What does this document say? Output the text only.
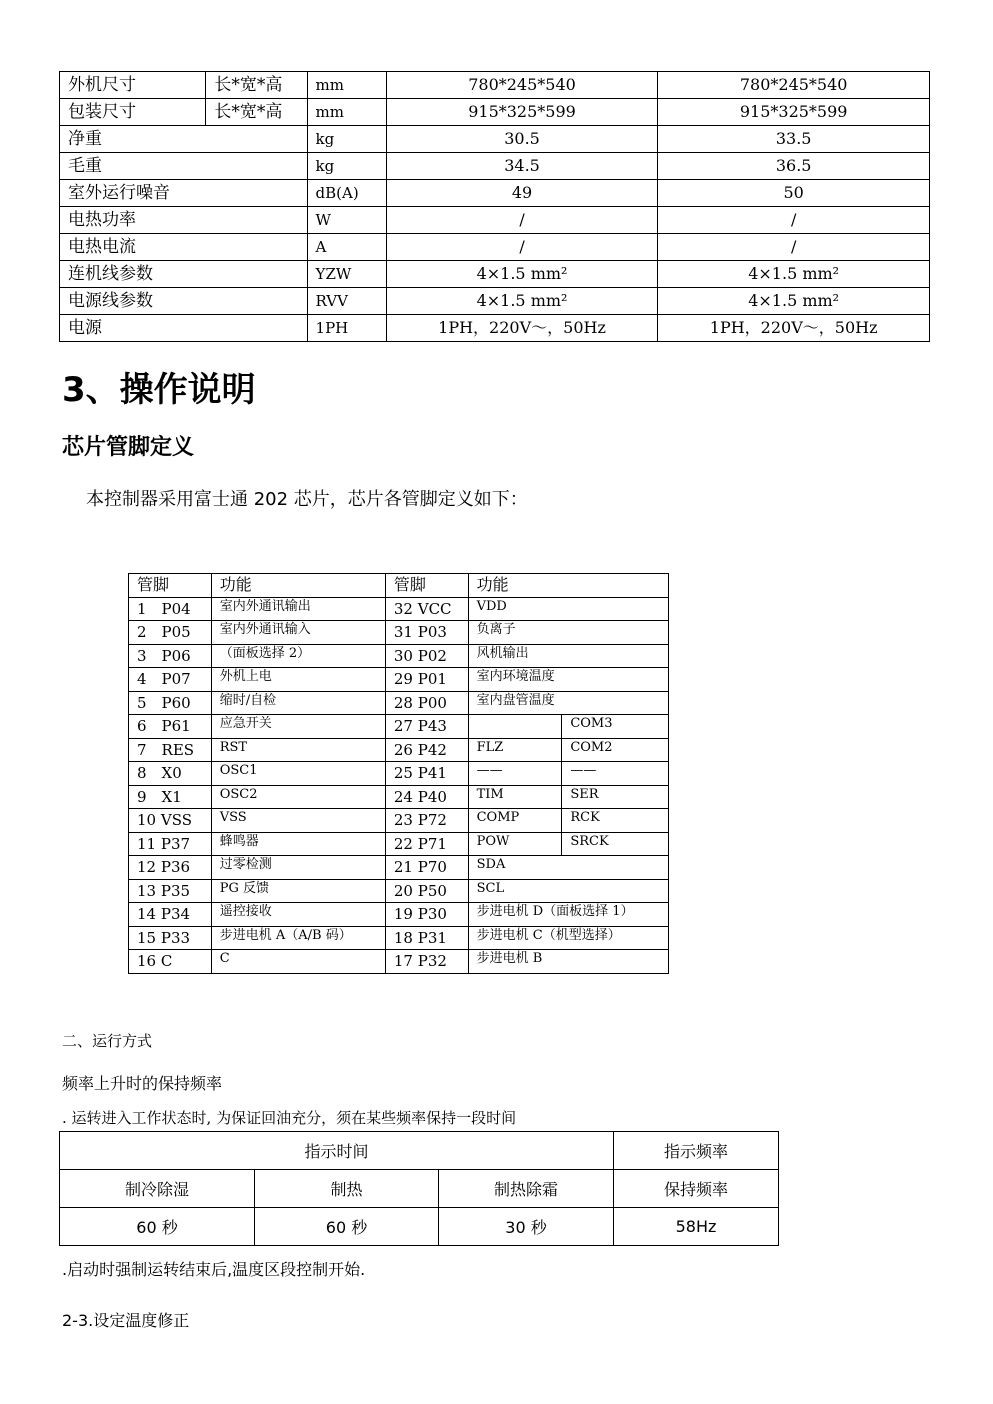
外机尺寸	长*宽*高	mm	780*245*540	780*245*540
包装尺寸	长*宽*高	mm	915*325*599	915*325*599
净重		kg	30.5	33.5
毛重		kg	34.5	36.5
室外运行噪音		dB(A)	49	50
电热功率		W	/	/
电热电流		A	/	/
连机线参数		YZW	4×1.5 mm²	4×1.5 mm²
电源线参数		RVV	4×1.5 mm²	4×1.5 mm²
电源		1PH	1PH，220V～，50Hz	1PH，220V～，50Hz
3、操作说明
芯片管脚定义

本控制器采用富士通 202 芯片，芯片各管脚定义如下：

管脚	功能	管脚	功能	
1　P04	室内外通讯输出	32 VCC	VDD	
2　P05	室内外通讯输入	31 P03	负离子	
3　P06	（面板选择 2）	30 P02	风机输出	
4　P07	外机上电	29 P01	室内环境温度	
5　P60	缩时/自检	28 P00	室内盘管温度	
6　P61	应急开关	27 P43		COM3
7　RES	RST	26 P42	FLZ	COM2
8　X0	OSC1	25 P41	——	——
9　X1	OSC2	24 P40	TIM	SER
10 VSS	VSS	23 P72	COMP	RCK
11 P37	蜂鸣器	22 P71	POW	SRCK
12 P36	过零检测	21 P70	SDA	
13 P35	PG 反馈	20 P50	SCL	
14 P34	遥控接收	19 P30	步进电机 D（面板选择 1）	
15 P33	步进电机 A（A/B 码）	18 P31	步进电机 C（机型选择）	
16 C	C	17 P32	步进电机 B	

二、运行方式

频率上升时的保持频率

. 运转进入工作状态时, 为保证回油充分，须在某些频率保持一段时间

指示时间			指示频率
制冷除湿	制热	制热除霜	保持频率
60 秒	60 秒	30 秒	58Hz

.启动时强制运转结束后,温度区段控制开始.

2-3.设定温度修正
